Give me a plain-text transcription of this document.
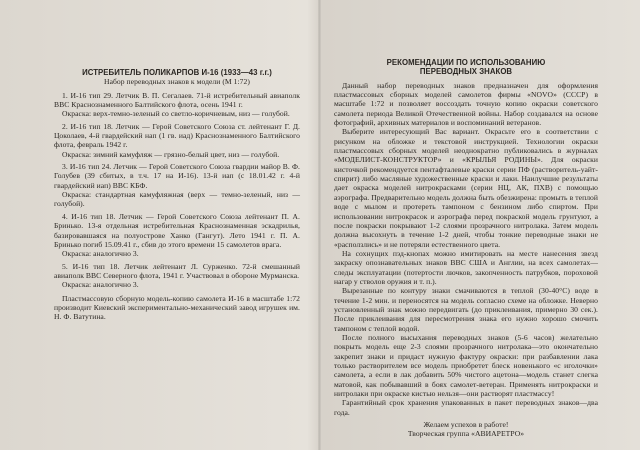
ИСТРЕБИТЕЛЬ ПОЛИКАРПОВ И-16 (1933—43 г.г.)
Набор переводных знаков к модели (М 1:72)

1. И-16 тип 29. Летчик В. П. Сегалаев. 71-й истребительный авиаполк ВВС Краснознаменного Балтийского флота, осень 1941 г.

Окраска: верх-темно-зеленый со светло-коричневым, низ — голубой.

2. И-16 тип 18. Летчик — Герой Советского Союза ст. лейтенант Г. Д. Цоколаев, 4-й гвардейский нап (1 гв. иад) Краснознаменного Балтийского флота, февраль 1942 г.

Окраска: зимний камуфляж — грязно-белый цвет, низ — голубой.

3. И-16 тип 24. Летчик — Герой Советского Союза гвардии майор В. Ф. Голубев (39 сбитых, в т.ч. 17 на И-16). 13-й иап (с 18.01.42 г. 4-й гвардейский иап) ВВС КБФ.

Окраска: стандартная камуфляжная (верх — темно-зеленый, низ — голубой).

4. И-16 тип 18. Летчик — Герой Советского Союза лейтенант П. А. Бринько. 13-я отдельная истребительная Краснознаменная эскадрилья, базировавшаяся на полуострове Ханко (Гангут). Лето 1941 г. П. А. Бринько погиб 15.09.41 г., сбив до этого времени 15 самолетов врага.

Окраска: аналогично 3.

5. И-16 тип 18. Летчик лейтенант Л. Сурженко. 72-й смешанный авиаполк ВВС Северного флота, 1941 г. Участвовал в обороне Мурманска.

Окраска: аналогично 3.

Пластмассовую сборную модель-копию самолета И-16 в масштабе 1:72 производит Киевский экспериментально-механический завод игрушек им. Н. Ф. Ватутина.

РЕКОМЕНДАЦИИ ПО ИСПОЛЬЗОВАНИЮ
ПЕРЕВОДНЫХ ЗНАКОВ

Данный набор переводных знаков предназначен для оформления пластмассовых сборных моделей самолетов фирмы «NOVO» (СССР) в масштабе 1:72 и позволяет воссоздать точную копию окраски советского самолета периода Великой Отечественной войны. Набор создавался на основе фотографий, архивных материалов и воспоминаний ветеранов.

Выберите интересующий Вас вариант. Окрасьте его в соответствии с рисунком на обложке и текстовой инструкцией. Технологии окраски пластмассовых сборных моделей неоднократно публиковались в журналах «МОДЕЛИСТ-КОНСТРУКТОР» и «КРЫЛЬЯ РОДИНЫ». Для окраски кисточкой рекомендуется пентафталевые краски серии ПФ (растворитель-уайт-спирит) либо масляные художественные краски и лаки. Наилучшие результаты дает окраска моделей нитрокрасками (серии НЦ, АК, ПХВ) с помощью аэрографа. Предварительно модель должна быть обезжирена: промыть в теплой воде с мылом и протереть тампоном с бензином либо спиртом. При использовании нитрокрасок и аэрографа перед покраской модель грунтуют, а после покраски покрывают 1-2 слоями прозрачного нитролака. Затем модель должна высохнуть в течение 1-2 дней, чтобы тонкие переводные знаки не «расползлись» и не потеряли естественного цвета.

На сохнущих пэд-кнопах можно имитировать на месте нанесения звезд закраску опознавательных знаков ВВС США и Англии, на всех самолетах—следы эксплуатации (потертости лючков, закопченность патрубков, пороховой нагар у стволов оружия и т. п.).

Вырезанные по контуру знаки смачиваются в теплой (30-40°С) воде в течение 1-2 мин. и переносятся на модель согласно схеме на обложке. Неверно установленный знак можно передвигать (до приклеивания, примерно 30 сек.). После приклеивания для пересмотрения знака его нужно хорошо смочить тампоном с теплой водой.

После полного высыхания переводных знаков (5-6 часов) желательно покрыть модель еще 2-3 слоями прозрачного нитролака—это окончательно закрепит знаки и придаст нужную фактуру окраски: при разбавлении лака только растворителем все модель приобретет блеск новенького «с иголочки» самолета, а если в лак добавить 50% чистого ацетона—модель станет слегка матовой, как побывавший в боях самолет-ветеран. Применять нитрокраски и нитролаки при окраске кистью нельзя—они растворят пластмассу!

Гарантийный срок хранения упакованных в пакет переводных знаков—два года.

Желаем успехов в работе!

Творческая группа «АВИАРЕТРО»
